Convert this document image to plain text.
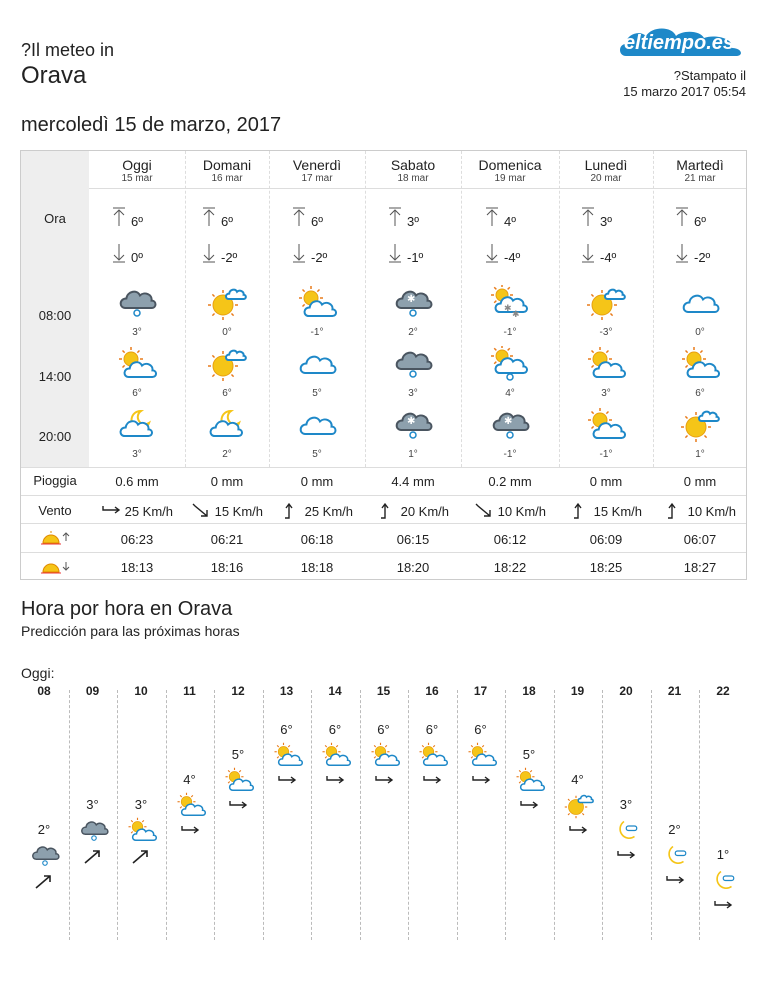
?Il meteo in
Orava
eltiempo.es
?Stampato il
15 marzo 2017 05:54
mercoledì 15 de marzo, 2017
Ora
08:00
14:00
20:00
Pioggia
Vento
Oggi
15 mar
6º
0º
3°
6°
3°
0.6 mm
25 Km/h
06:23
18:13
Domani
16 mar
6º
-2º
0°
6°
2°
0 mm
15 Km/h
06:21
18:16
Venerdì
17 mar
6º
-2º
-1°
5°
5°
0 mm
25 Km/h
06:18
18:18
Sabato
18 mar
3º
-1º
✱
2°
3°
✱
1°
4.4 mm
20 Km/h
06:15
18:20
Domenica
19 mar
4º
-4º
✱
✱
-1°
4°
✱
-1°
0.2 mm
10 Km/h
06:12
18:22
Lunedì
20 mar
3º
-4º
-3°
3°
-1°
0 mm
15 Km/h
06:09
18:25
Martedì
21 mar
6º
-2º
0°
6°
1°
0 mm
10 Km/h
06:07
18:27
Hora por hora en Orava
Predicción para las próximas horas
Oggi:
08
2°
09
3°
10
3°
11
4°
12
5°
13
6°
14
6°
15
6°
16
6°
17
6°
18
5°
19
4°
20
3°
21
2°
22
1°
